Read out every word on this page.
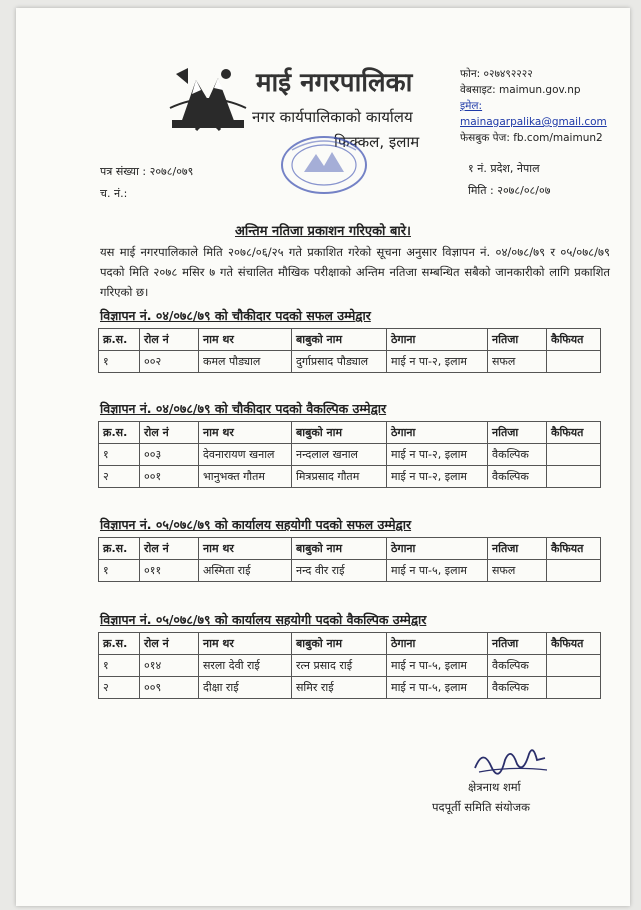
माई नगरपालिका
नगर कार्यपालिकाको कार्यालय
फिक्कल, इलाम
फोन: ०२७४९२२२२
वेबसाइट: maimun.gov.np
इमेल: mainagarpalika@gmail.com
फेसबुक पेज: fb.com/maimun2
पत्र संख्या : २०७८/०७९
च. नं.:
१ नं. प्रदेश, नेपाल
मिति : २०७८/०८/०७
अन्तिम नतिजा प्रकाशन गरिएको बारे।
यस माई नगरपालिकाले मिति २०७८/०६/२५ गते प्रकाशित गरेको सूचना अनुसार विज्ञापन नं. ०४/०७८/७९ र ०५/०७८/७९ पदको मिति २०७८ मसिर ७ गते संचालित मौखिक परीक्षाको अन्तिम नतिजा सम्बन्धित सबैको जानकारीको लागि प्रकाशित गरिएको छ।
विज्ञापन नं. ०४/०७८/७९ को चौकीदार पदको सफल उम्मेद्वार
क्र.स.	रोल नं	नाम थर	बाबुको नाम	ठेगाना	नतिजा	कैफियत
१	००२	कमल पौड्याल	दुर्गाप्रसाद पौड्याल	माई न पा-२, इलाम	सफल	
विज्ञापन नं. ०४/०७८/७९ को चौकीदार पदको वैकल्पिक उम्मेद्वार
क्र.स.	रोल नं	नाम थर	बाबुको नाम	ठेगाना	नतिजा	कैफियत
१	००३	देवनारायण खनाल	नन्दलाल खनाल	माई न पा-२, इलाम	वैकल्पिक	
२	००१	भानुभक्त गौतम	मित्रप्रसाद गौतम	माई न पा-२, इलाम	वैकल्पिक	
विज्ञापन नं. ०५/०७८/७९ को कार्यालय सहयोगी पदको सफल उम्मेद्वार
क्र.स.	रोल नं	नाम थर	बाबुको नाम	ठेगाना	नतिजा	कैफियत
१	०११	अस्मिता राई	नन्द वीर राई	माई न पा-५, इलाम	सफल	
विज्ञापन नं. ०५/०७८/७९ को कार्यालय सहयोगी पदको वैकल्पिक उम्मेद्वार
क्र.स.	रोल नं	नाम थर	बाबुको नाम	ठेगाना	नतिजा	कैफियत
१	०१४	सरला देवी राई	रत्न प्रसाद राई	माई न पा-५, इलाम	वैकल्पिक	
२	००९	दीक्षा राई	समिर राई	माई न पा-५, इलाम	वैकल्पिक	
क्षेत्रनाथ शर्मा
पदपूर्ती समिति संयोजक
